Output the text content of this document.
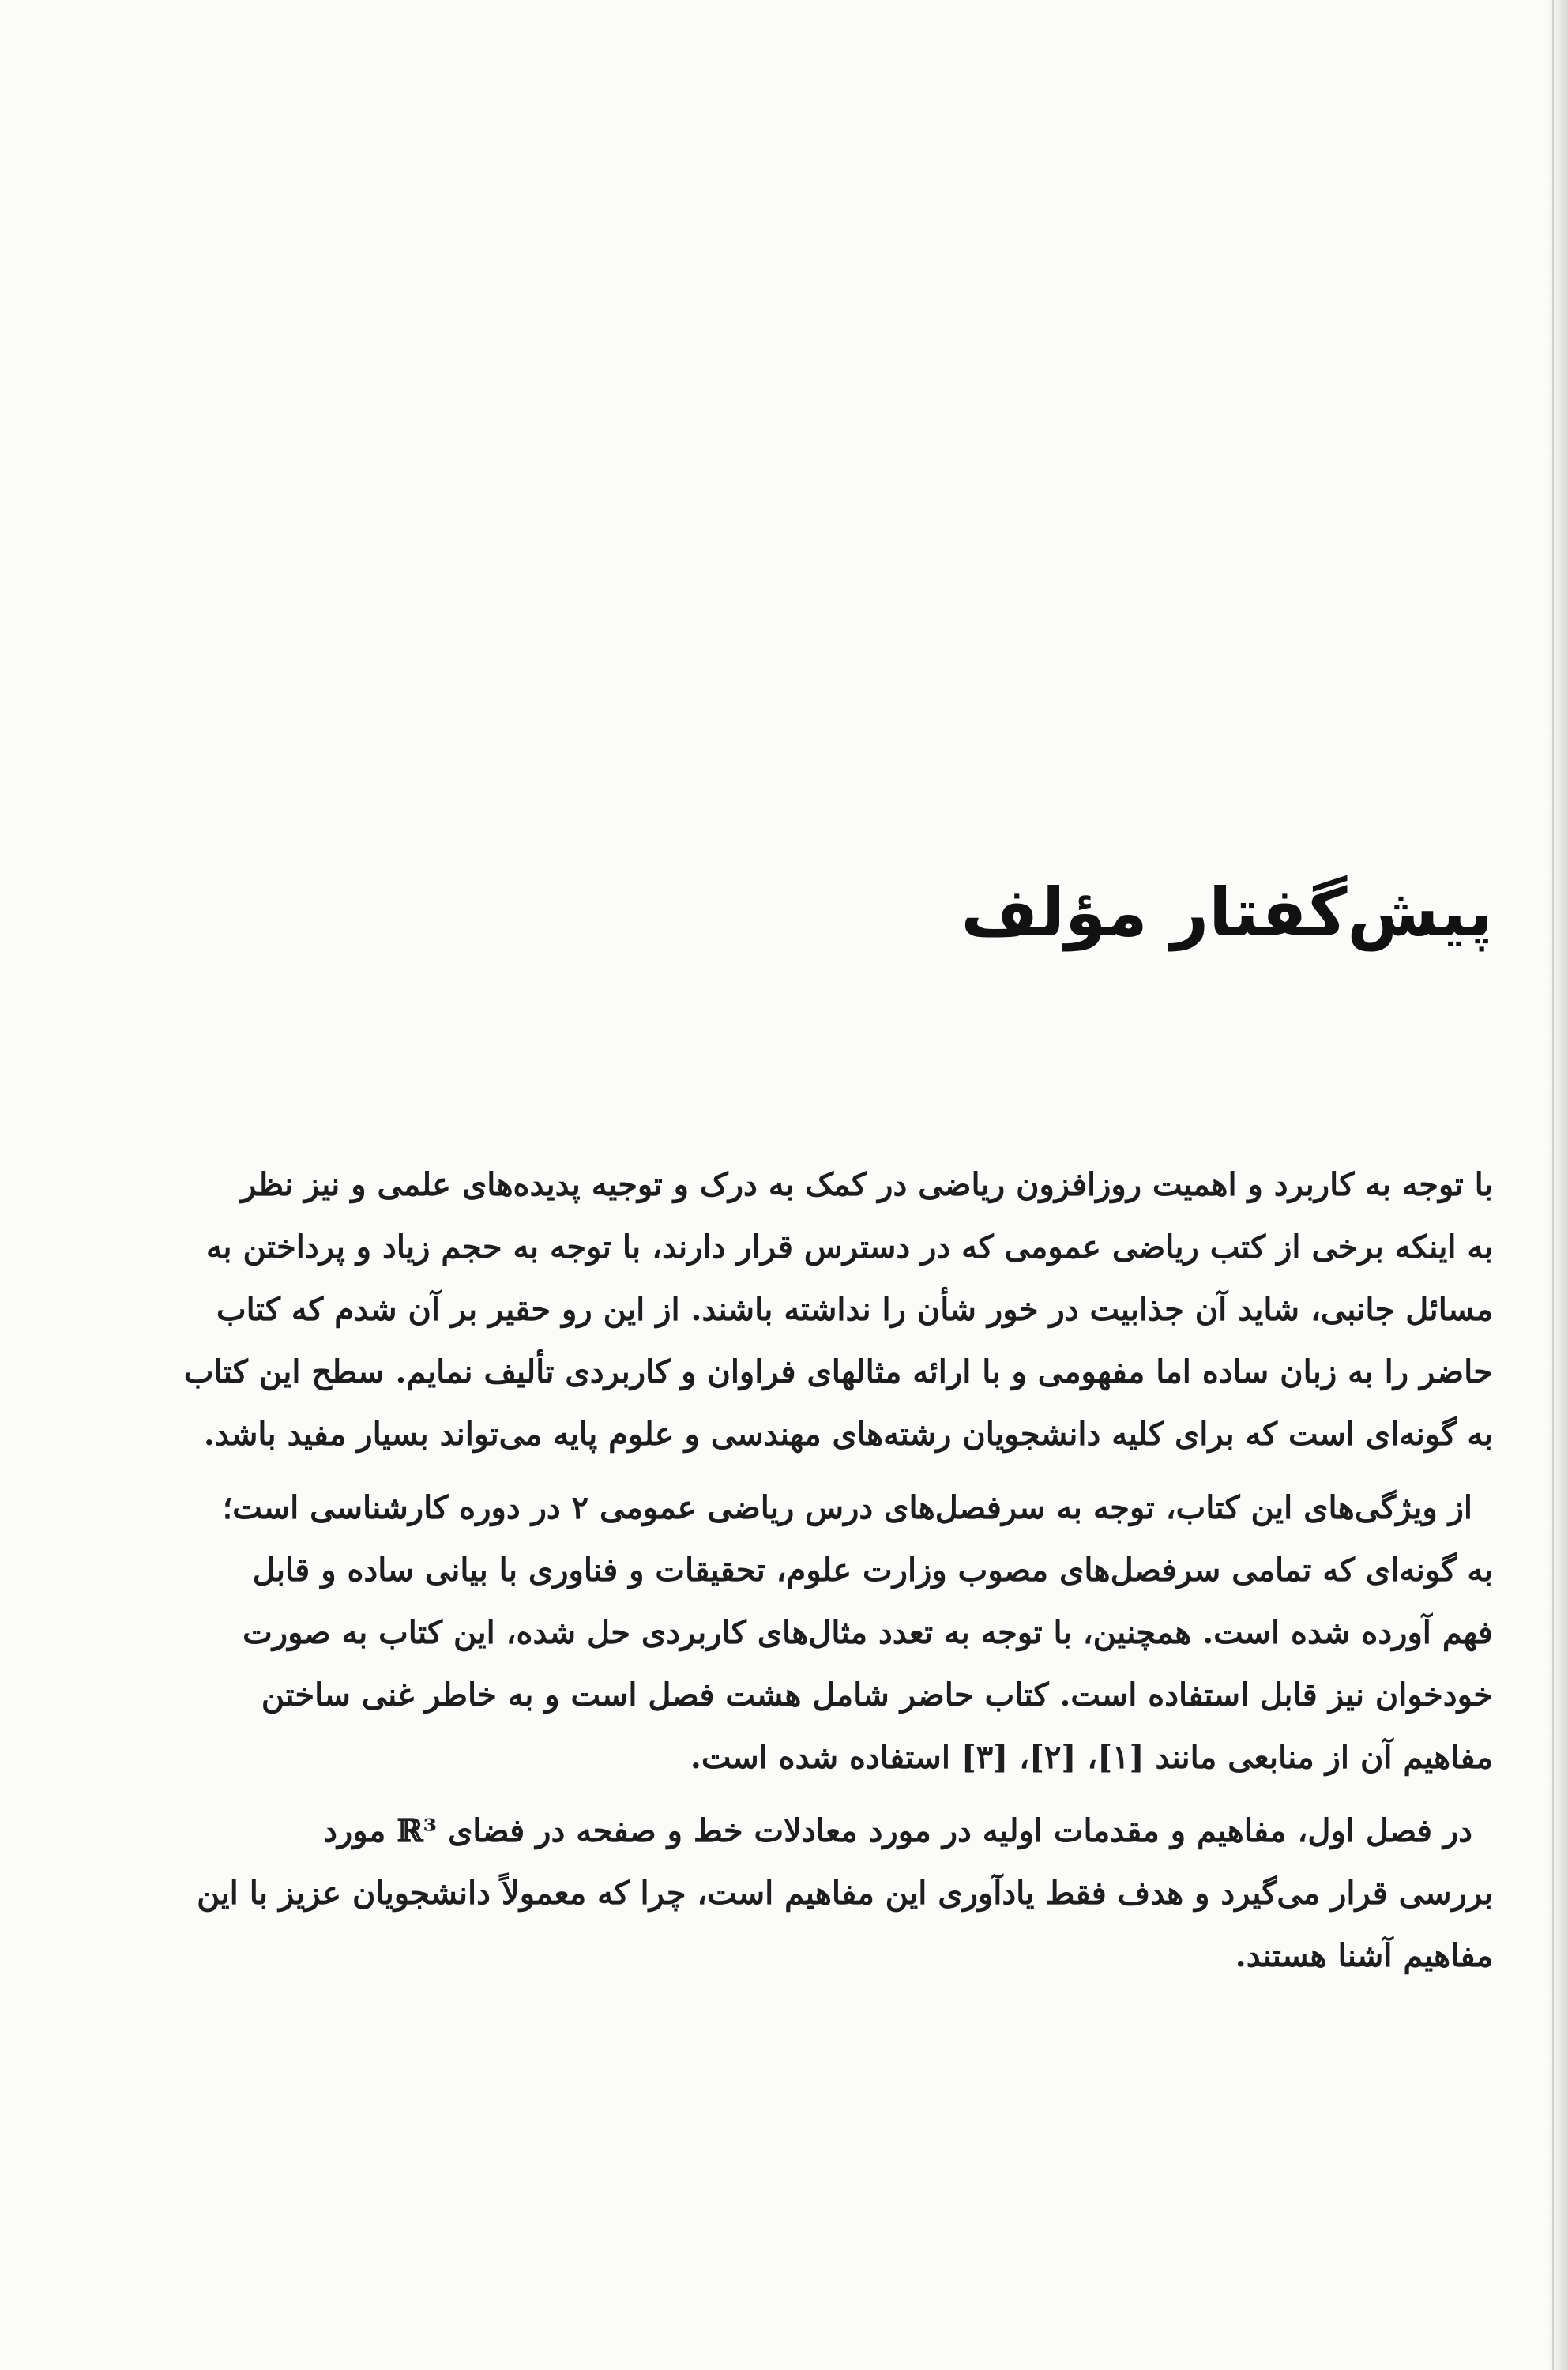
پیش‌گفتار مؤلف

با توجه به کاربرد و اهمیت روزافزون ریاضی در کمک به درک و توجیه پدیده‌های علمی و نیز نظر
به اینکه برخی از کتب ریاضی عمومی که در دسترس قرار دارند، با توجه به حجم زیاد و پرداختن به
مسائل جانبی، شاید آن جذابیت در خور شأن را نداشته باشند. از این رو حقیر بر آن شدم که کتاب
حاضر را به زبان ساده اما مفهومی و با ارائه مثالهای فراوان و کاربردی تألیف نمایم. سطح این کتاب
به گونه‌ای است که برای کلیه دانشجویان رشته‌های مهندسی و علوم پایه می‌تواند بسیار مفید باشد.

از ویژگی‌های این کتاب، توجه به سرفصل‌های درس ریاضی عمومی ۲ در دوره کارشناسی است؛
به گونه‌ای که تمامی سرفصل‌های مصوب وزارت علوم، تحقیقات و فناوری با بیانی ساده و قابل
فهم آورده شده است. همچنین، با توجه به تعدد مثال‌های کاربردی حل شده، این کتاب به صورت
خودخوان نیز قابل استفاده است. کتاب حاضر شامل هشت فصل است و به خاطر غنی ساختن
مفاهیم آن از منابعی مانند [۱]، [۲]، [۳] استفاده شده است.

در فصل اول، مفاهیم و مقدمات اولیه در مورد معادلات خط و صفحه در فضای ℝ³ مورد
بررسی قرار می‌گیرد و هدف فقط یادآوری این مفاهیم است، چرا که معمولاً دانشجویان عزیز با این
مفاهیم آشنا هستند.
